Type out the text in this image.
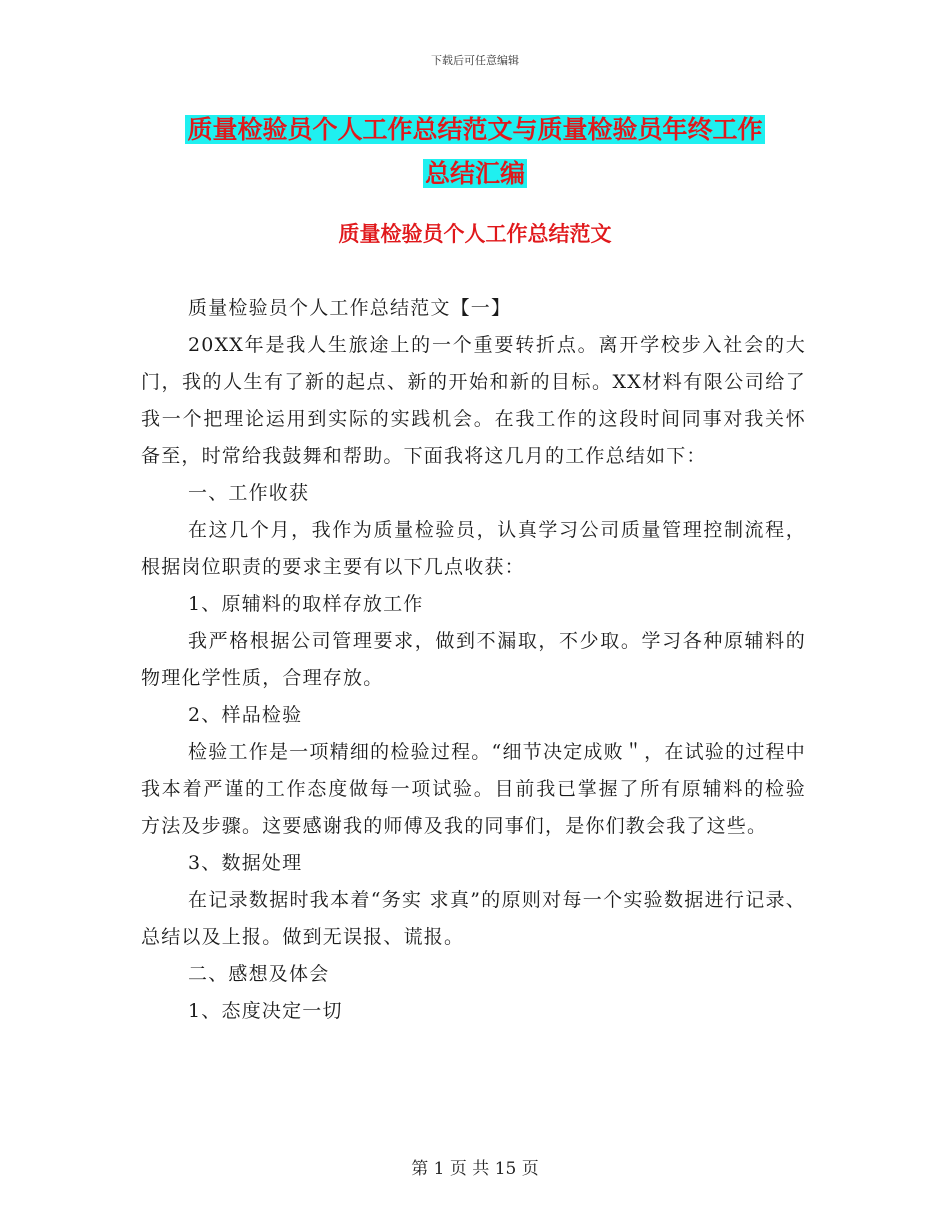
下载后可任意编辑
质量检验员个人工作总结范文与质量检验员年终工作
总结汇编
质量检验员个人工作总结范文

质量检验员个人工作总结范文【一】

20XX年是我人生旅途上的一个重要转折点。离开学校步入社会的大门，我的人生有了新的起点、新的开始和新的目标。XX材料有限公司给了我一个把理论运用到实际的实践机会。在我工作的这段时间同事对我关怀备至，时常给我鼓舞和帮助。下面我将这几月的工作总结如下：

一、工作收获

在这几个月，我作为质量检验员，认真学习公司质量管理控制流程，根据岗位职责的要求主要有以下几点收获：

1、原辅料的取样存放工作

我严格根据公司管理要求，做到不漏取，不少取。学习各种原辅料的物理化学性质，合理存放。

2、样品检验

检验工作是一项精细的检验过程。“细节决定成败＂，在试验的过程中我本着严谨的工作态度做每一项试验。目前我已掌握了所有原辅料的检验方法及步骤。这要感谢我的师傅及我的同事们，是你们教会我了这些。

3、数据处理

在记录数据时我本着“务实 求真”的原则对每一个实验数据进行记录、总结以及上报。做到无误报、谎报。

二、感想及体会

1、态度决定一切

第 1 页 共 15 页
